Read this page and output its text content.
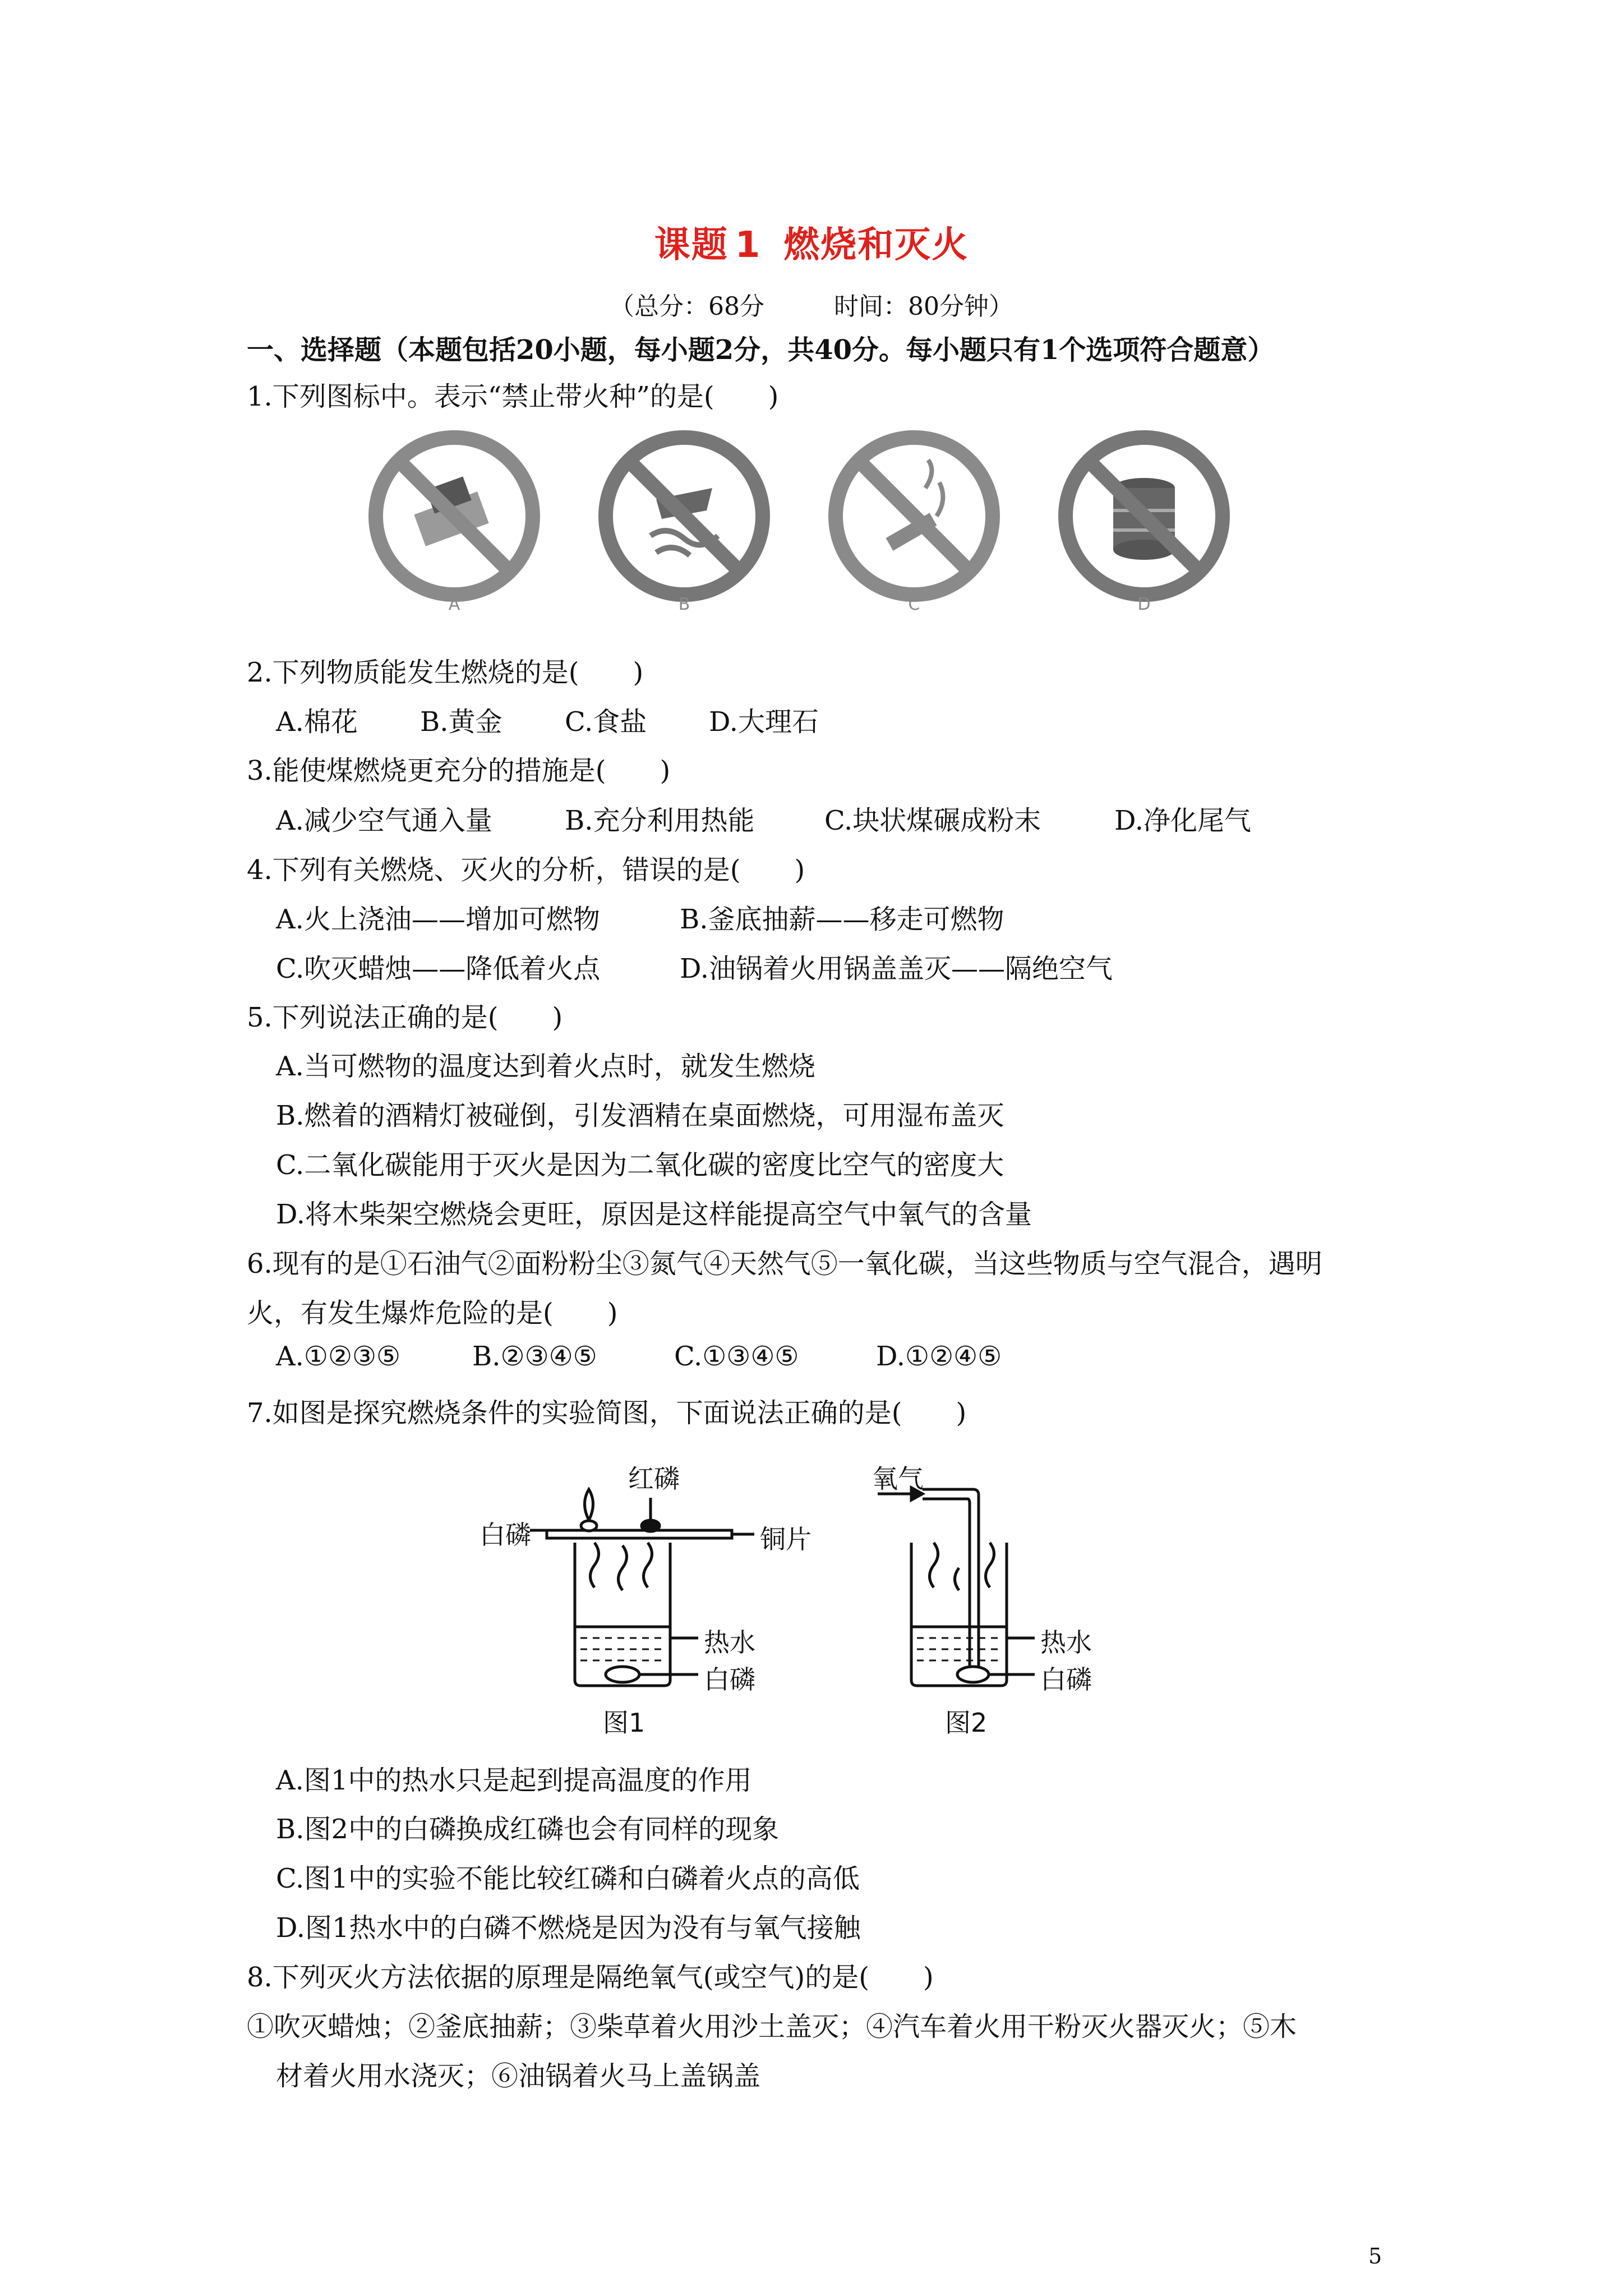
课题 1 燃烧和灭火
（总分：68分	时间：80分钟）
一、选择题（本题包括20小题，每小题2分，共40分。每小题只有1个选项符合题意）
1.下列图标中。表示“禁止带火种”的是(　　)
A	B	C	D
2.下列物质能发生燃烧的是(　　)
A.棉花 B.黄金 C.食盐 D.大理石
3.能使煤燃烧更充分的措施是(　　)
A.减少空气通入量	B.充分利用热能	C.块状煤碾成粉末	D.净化尾气
4.下列有关燃烧、灭火的分析，错误的是(　　)
A.火上浇油——增加可燃物	B.釜底抽薪——移走可燃物
C.吹灭蜡烛——降低着火点	D.油锅着火用锅盖盖灭——隔绝空气
5.下列说法正确的是(　　)
A.当可燃物的温度达到着火点时，就发生燃烧
B.燃着的酒精灯被碰倒，引发酒精在桌面燃烧，可用湿布盖灭
C.二氧化碳能用于灭火是因为二氧化碳的密度比空气的密度大
D.将木柴架空燃烧会更旺，原因是这样能提高空气中氧气的含量
6.现有的是①石油气②面粉粉尘③氮气④天然气⑤一氧化碳，当这些物质与空气混合，遇明
火，有发生爆炸危险的是(　　)
A.①②③⑤	B.②③④⑤	C.①③④⑤	D.①②④⑤
7.如图是探究燃烧条件的实验简图，下面说法正确的是(　　)
红磷
白磷	铜片
热水
白磷
图1
氧气
热水
白磷
图2
A.图1中的热水只是起到提高温度的作用
B.图2中的白磷换成红磷也会有同样的现象
C.图1中的实验不能比较红磷和白磷着火点的高低
D.图1热水中的白磷不燃烧是因为没有与氧气接触
8.下列灭火方法依据的原理是隔绝氧气(或空气)的是(　　)
①吹灭蜡烛；②釜底抽薪；③柴草着火用沙土盖灭；④汽车着火用干粉灭火器灭火；⑤木
材着火用水浇灭；⑥油锅着火马上盖锅盖
5
